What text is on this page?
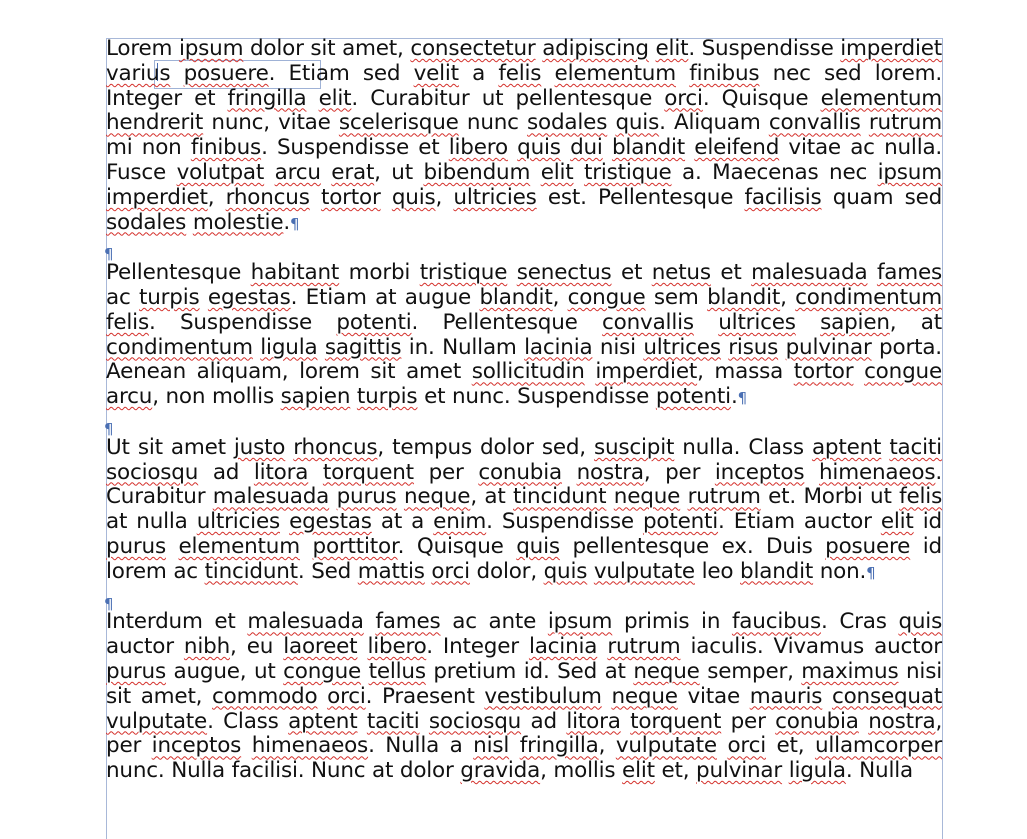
Lorem ipsum dolor sit amet, consectetur adipiscing elit. Suspendisse imperdiet varius posuere. Etiam sed velit a felis elementum finibus nec sed lorem. Integer et fringilla elit. Curabitur ut pellentesque orci. Quisque elementum hendrerit nunc, vitae scelerisque nunc sodales quis. Aliquam convallis rutrum mi non finibus. Suspendisse et libero quis dui blandit eleifend vitae ac nulla. Fusce volutpat arcu erat, ut bibendum elit tristique a. Maecenas nec ipsum imperdiet, rhoncus tortor quis, ultricies est. Pellentesque facilisis quam sed sodales molestie.¶

¶

Pellentesque habitant morbi tristique senectus et netus et malesuada fames ac turpis egestas. Etiam at augue blandit, congue sem blandit, condimentum felis. Suspendisse potenti. Pellentesque convallis ultrices sapien, at condimentum ligula sagittis in. Nullam lacinia nisi ultrices risus pulvinar porta. Aenean aliquam, lorem sit amet sollicitudin imperdiet, massa tortor congue arcu, non mollis sapien turpis et nunc. Suspendisse potenti.¶

¶

Ut sit amet justo rhoncus, tempus dolor sed, suscipit nulla. Class aptent taciti sociosqu ad litora torquent per conubia nostra, per inceptos himenaeos. Curabitur malesuada purus neque, at tincidunt neque rutrum et. Morbi ut felis at nulla ultricies egestas at a enim. Suspendisse potenti. Etiam auctor elit id purus elementum porttitor. Quisque quis pellentesque ex. Duis posuere id lorem ac tincidunt. Sed mattis orci dolor, quis vulputate leo blandit non.¶

¶

Interdum et malesuada fames ac ante ipsum primis in faucibus. Cras quis auctor nibh, eu laoreet libero. Integer lacinia rutrum iaculis. Vivamus auctor purus augue, ut congue tellus pretium id. Sed at neque semper, maximus nisi sit amet, commodo orci. Praesent vestibulum neque vitae mauris consequat vulputate. Class aptent taciti sociosqu ad litora torquent per conubia nostra, per inceptos himenaeos. Nulla a nisl fringilla, vulputate orci et, ullamcorper nunc. Nulla facilisi. Nunc at dolor gravida, mollis elit et, pulvinar ligula. Nulla
